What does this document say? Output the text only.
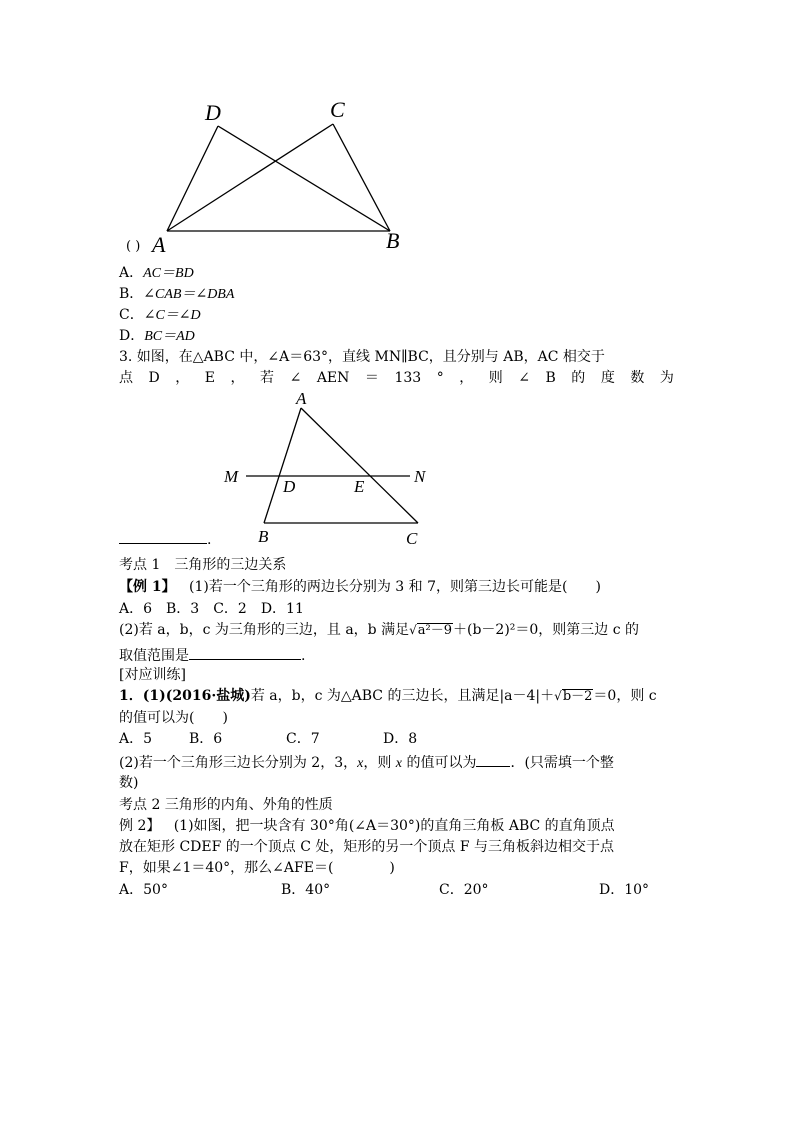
D	C
A	B
( )
A．AC＝BD
B．∠CAB＝∠DBA
C．∠C＝∠D
D．BC＝AD
3. 如图，在△ABC 中，∠A＝63°，直线 MN∥BC，且分别与 AB，AC 相交于
点 D ， E ， 若 ∠ AEN ＝ 133 ° ， 则 ∠ B 的 度 数 为
A
M	N
D	E
B	C
.
考点 1　三角形的三边关系
【例 1】 (1)若一个三角形的两边长分别为 3 和 7，则第三边长可能是(　　)
A．6　B．3　C．2　D．11
(2)若 a，b，c 为三角形的三边，且 a，b 满足√a²－9＋(b－2)²＝0，则第三边 c 的
取值范围是	.
[对应训练]
1．(1)(2016·盐城)若 a，b，c 为△ABC 的三边长，且满足|a－4|＋√b－2＝0，则 c
的值可以为(　　)
A．5	B．6	C．7	D．8
(2)若一个三角形三边长分别为 2，3，x，则 x 的值可以为 ．(只需填一个整
数)
考点 2 三角形的内角、外角的性质
例 2】 (1)如图，把一块含有 30°角(∠A＝30°)的直角三角板 ABC 的直角顶点
放在矩形 CDEF 的一个顶点 C 处，矩形的另一个顶点 F 与三角板斜边相交于点
F，如果∠1＝40°，那么∠AFE＝(　　　　)
A．50°	B．40°	C．20°	D．10°
